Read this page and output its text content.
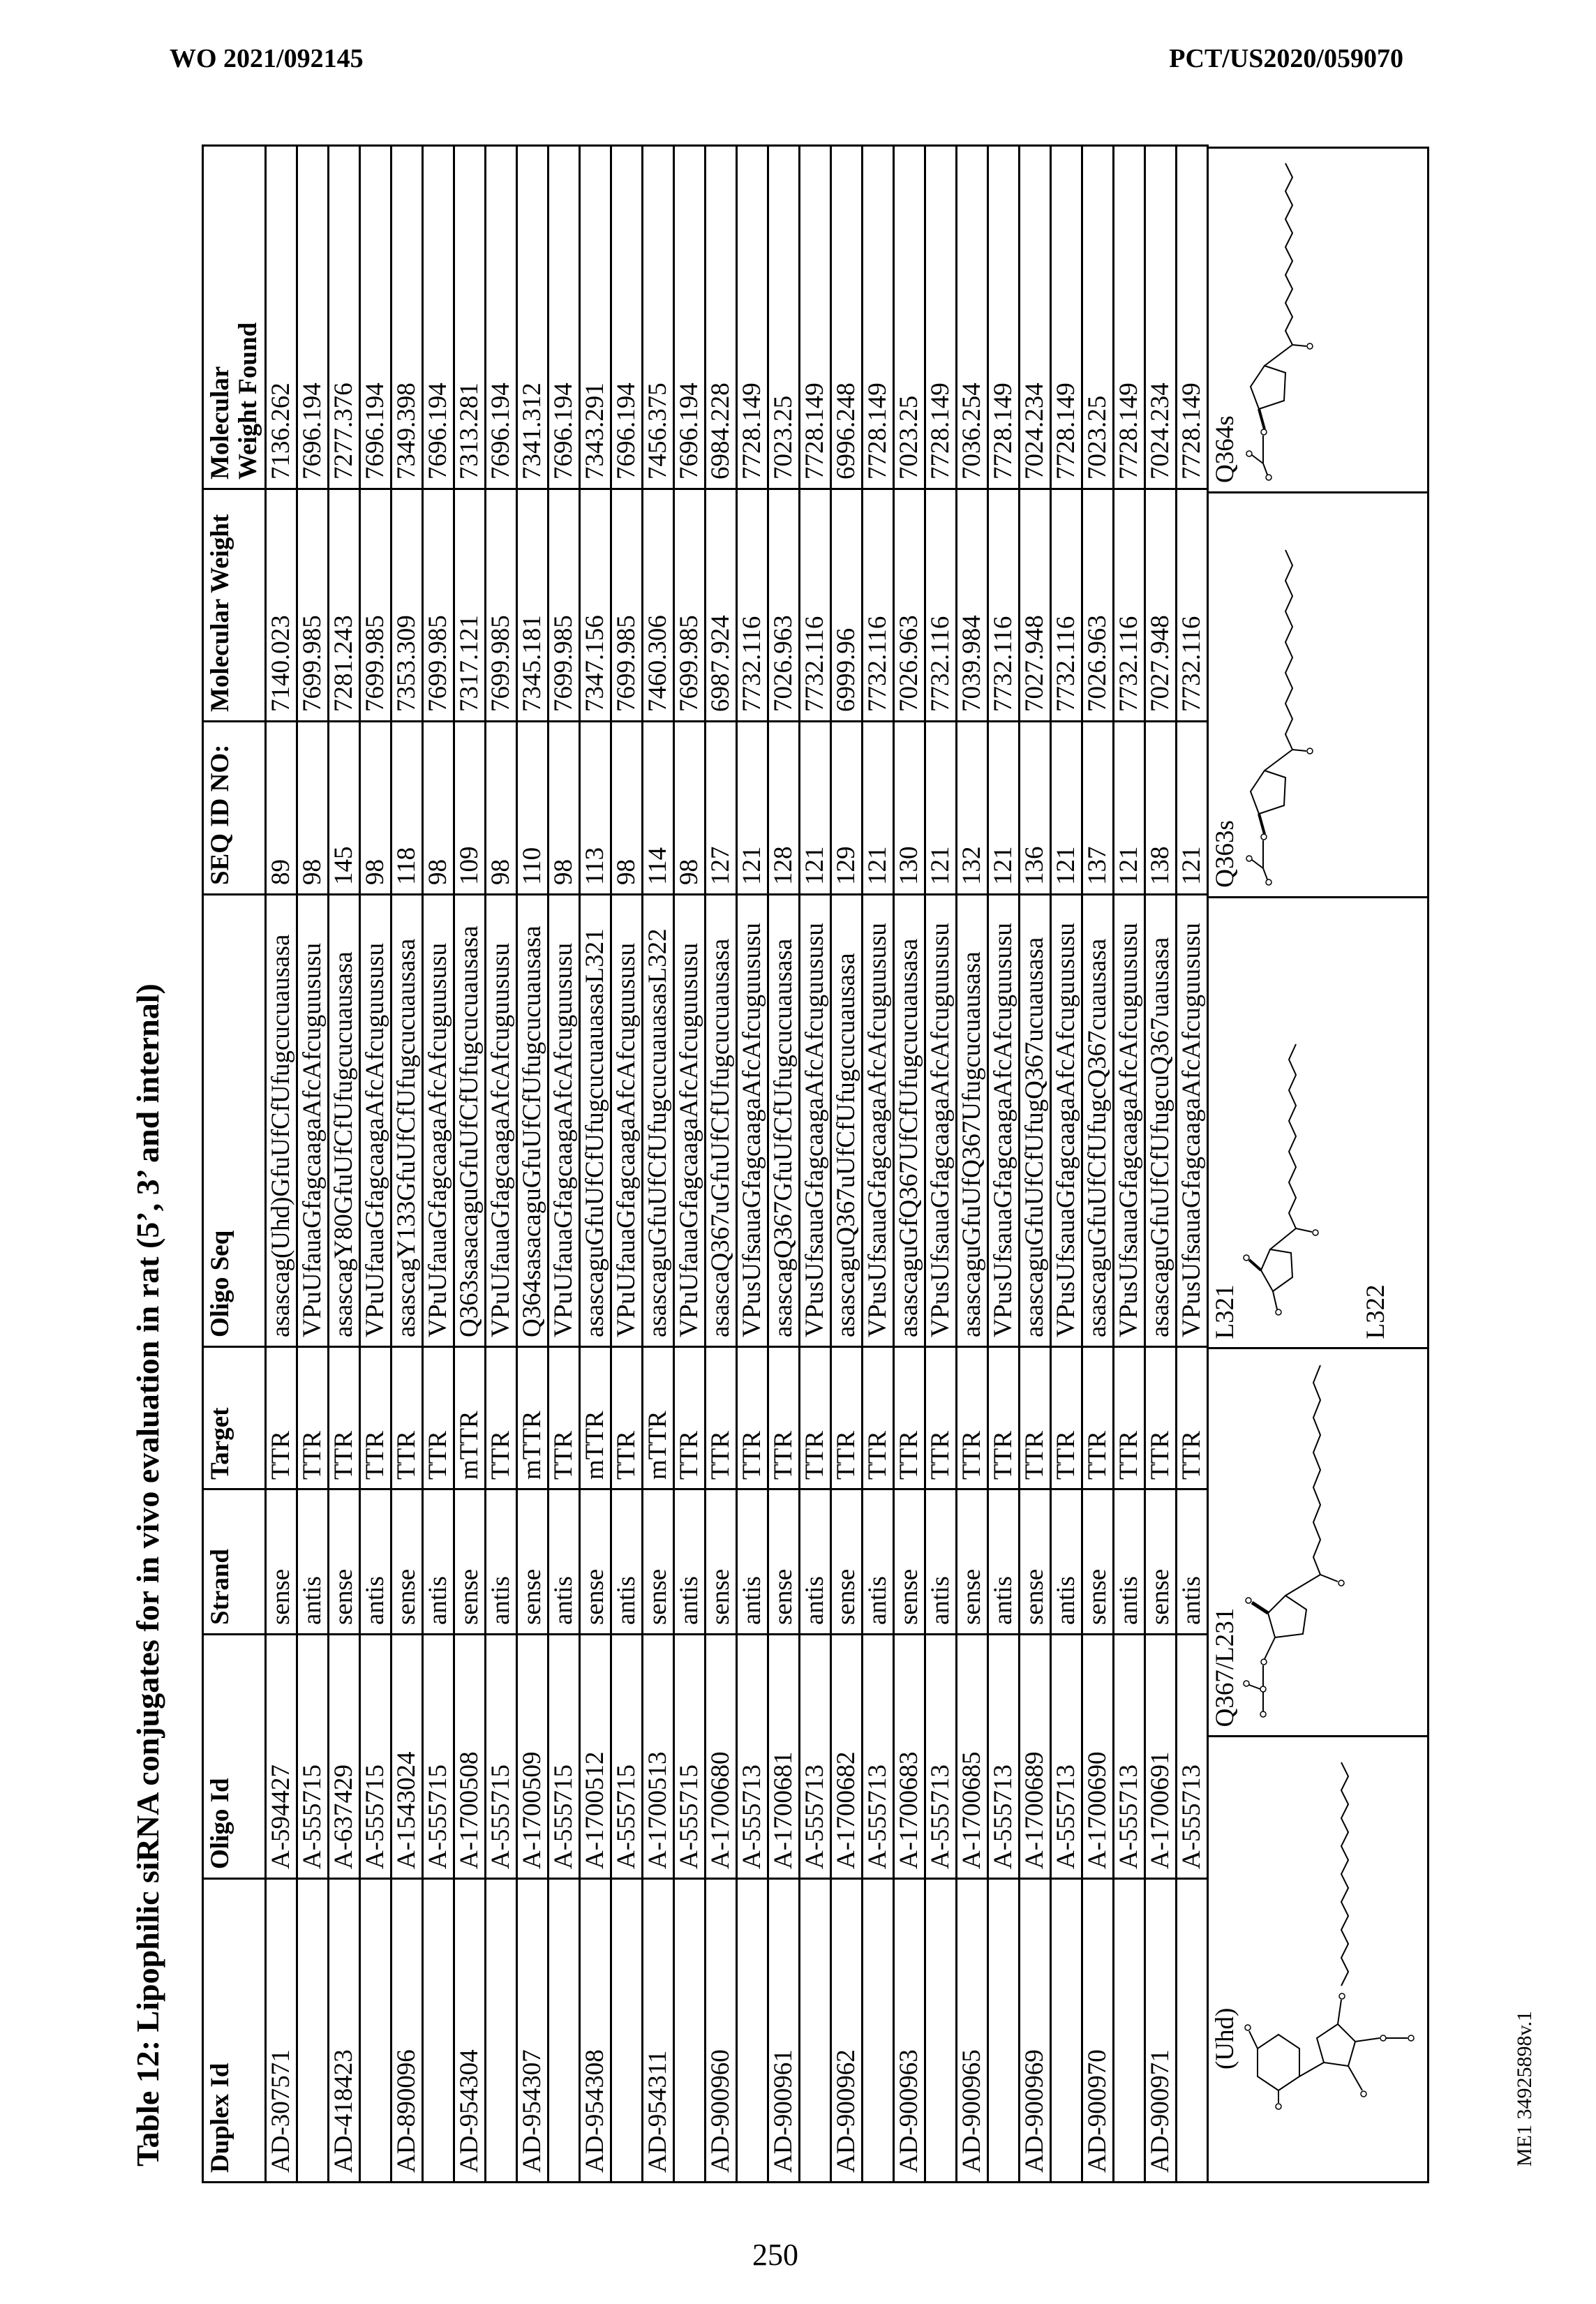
WO 2021/092145	PCT/US2020/059070
Table 12: Lipophilic siRNA conjugates for in vivo evaluation in rat (5’, 3’ and internal)	Duplex Id	Oligo Id	Strand	Target	Oligo Seq	SEQ ID NO:	Molecular Weight	Molecular Weight Found
AD-307571	A-594427	sense	TTR	asascag(Uhd)GfuUfCfUfugcucuausasa	89	7140.023	7136.262
	A-555715	antis	TTR	VPuUfauaGfagcaagaAfcAfcuguususu	98	7699.985	7696.194
AD-418423	A-637429	sense	TTR	asascagY80GfuUfCfUfugcucuausasa	145	7281.243	7277.376
	A-555715	antis	TTR	VPuUfauaGfagcaagaAfcAfcuguususu	98	7699.985	7696.194
AD-890096	A-1543024	sense	TTR	asascagY133GfuUfCfUfugcucuausasa	118	7353.309	7349.398
	A-555715	antis	TTR	VPuUfauaGfagcaagaAfcAfcuguususu	98	7699.985	7696.194
AD-954304	A-1700508	sense	mTTR	Q363sasacaguGfuUfCfUfugcucuausasa	109	7317.121	7313.281
	A-555715	antis	TTR	VPuUfauaGfagcaagaAfcAfcuguususu	98	7699.985	7696.194
AD-954307	A-1700509	sense	mTTR	Q364sasacaguGfuUfCfUfugcucuausasa	110	7345.181	7341.312
	A-555715	antis	TTR	VPuUfauaGfagcaagaAfcAfcuguususu	98	7699.985	7696.194
AD-954308	A-1700512	sense	mTTR	asascaguGfuUfCfUfugcucuauasasL321	113	7347.156	7343.291
	A-555715	antis	TTR	VPuUfauaGfagcaagaAfcAfcuguususu	98	7699.985	7696.194
AD-954311	A-1700513	sense	mTTR	asascaguGfuUfCfUfugcucuauasasL322	114	7460.306	7456.375
	A-555715	antis	TTR	VPuUfauaGfagcaagaAfcAfcuguususu	98	7699.985	7696.194
AD-900960	A-1700680	sense	TTR	asascaQ367uGfuUfCfUfugcucuausasa	127	6987.924	6984.228
	A-555713	antis	TTR	VPusUfsauaGfagcaagaAfcAfcuguususu	121	7732.116	7728.149
AD-900961	A-1700681	sense	TTR	asascagQ367GfuUfCfUfugcucuausasa	128	7026.963	7023.25
	A-555713	antis	TTR	VPusUfsauaGfagcaagaAfcAfcuguususu	121	7732.116	7728.149
AD-900962	A-1700682	sense	TTR	asascaguQ367uUfCfUfugcucuausasa	129	6999.96	6996.248
	A-555713	antis	TTR	VPusUfsauaGfagcaagaAfcAfcuguususu	121	7732.116	7728.149
AD-900963	A-1700683	sense	TTR	asascaguGfQ367UfCfUfugcucuausasa	130	7026.963	7023.25
	A-555713	antis	TTR	VPusUfsauaGfagcaagaAfcAfcuguususu	121	7732.116	7728.149
AD-900965	A-1700685	sense	TTR	asascaguGfuUfQ367Ufugcucuausasa	132	7039.984	7036.254
	A-555713	antis	TTR	VPusUfsauaGfagcaagaAfcAfcuguususu	121	7732.116	7728.149
AD-900969	A-1700689	sense	TTR	asascaguGfuUfCfUfugQ367ucuausasa	136	7027.948	7024.234
	A-555713	antis	TTR	VPusUfsauaGfagcaagaAfcAfcuguususu	121	7732.116	7728.149
AD-900970	A-1700690	sense	TTR	asascaguGfuUfCfUfugcQ367cuausasa	137	7026.963	7023.25
	A-555713	antis	TTR	VPusUfsauaGfagcaagaAfcAfcuguususu	121	7732.116	7728.149
AD-900971	A-1700691	sense	TTR	asascaguGfuUfCfUfugcuQ367uausasa	138	7027.948	7024.234
	A-555713	antis	TTR	VPusUfsauaGfagcaagaAfcAfcuguususu	121	7732.116	7728.149
(Uhd)
Q367/L231
L321	L322
Q363s
Q364s
250
ME1 34925898v.1
